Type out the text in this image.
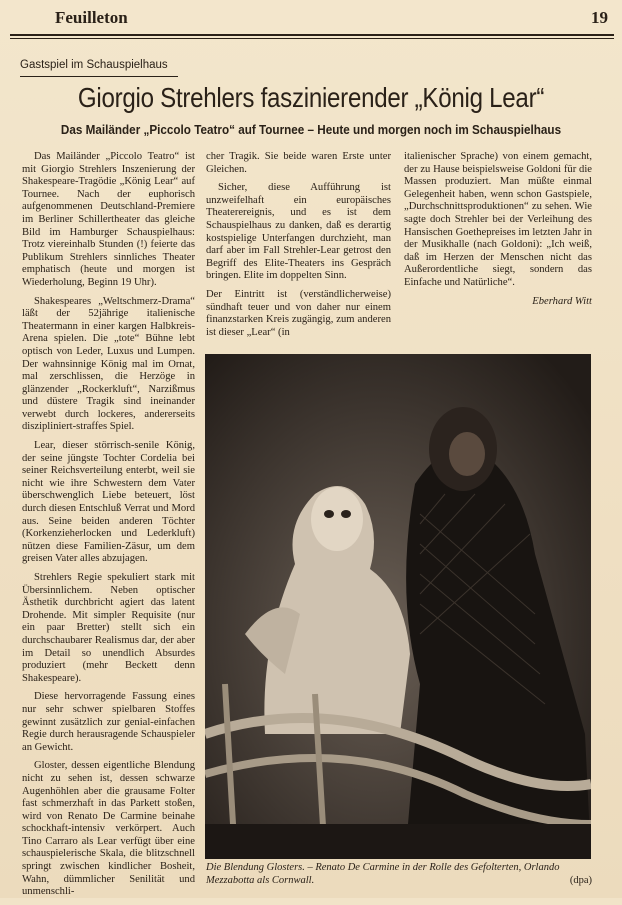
Feuilleton	19
Gastspiel im Schauspielhaus
Giorgio Strehlers faszinierender „König Lear“
Das Mailänder „Piccolo Teatro“ auf Tournee – Heute und morgen noch im Schauspielhaus

Das Mailänder „Piccolo Teatro“ ist mit Giorgio Strehlers Inszenierung der Shakespeare-Tragödie „König Lear“ auf Tournee. Nach der euphorisch aufgenommenen Deutschland-Premiere im Berliner Schillertheater das gleiche Bild im Hamburger Schauspielhaus: Trotz viereinhalb Stunden (!) feierte das Publikum Strehlers sinnliches Theater emphatisch (heute und morgen ist Wiederholung, Beginn 19 Uhr).

Shakespeares „Weltschmerz-Drama“ läßt der 52jährige italienische Theatermann in einer kargen Halbkreis-Arena spielen. Die „tote“ Bühne lebt optisch von Leder, Luxus und Lumpen. Der wahnsinnige König mal im Ornat, mal zerschlissen, die Herzöge in glänzender „Rockerkluft“, Narzißmus und düstere Tragik sind ineinander verwebt durch lockeres, andererseits diszipliniert-straffes Spiel.

Lear, dieser störrisch-senile König, der seine jüngste Tochter Cordelia bei seiner Reichsverteilung enterbt, weil sie nicht wie ihre Schwestern dem Vater überschwenglich Liebe beteuert, löst durch diesen Entschluß Verrat und Mord aus. Seine beiden anderen Töchter (Korkenzieherlocken und Lederkluft) nützen diese Familien-Zäsur, um dem greisen Vater alles abzujagen.

Strehlers Regie spekuliert stark mit Übersinnlichem. Neben optischer Ästhetik durchbricht agiert das latent Drohende. Mit simpler Requisite (nur ein paar Bretter) stellt sich ein durchschaubarer Realismus dar, der aber im Detail so unendlich Absurdes produziert (mehr Beckett denn Shakespeare).

Diese hervorragende Fassung eines nur sehr schwer spielbaren Stoffes gewinnt zusätzlich zur genial-einfachen Regie durch herausragende Schauspieler an Gewicht.

Gloster, dessen eigentliche Blendung nicht zu sehen ist, dessen schwarze Augenhöhlen aber die grausame Folter fast schmerzhaft in das Parkett stoßen, wird von Renato De Carmine beinahe schockhaft-intensiv verkörpert. Auch Tino Carraro als Lear verfügt über eine schauspielerische Skala, die blitzschnell springt zwischen kindlicher Bosheit, Wahn, dümmlicher Senilität und unmenschli-

cher Tragik. Sie beide waren Erste unter Gleichen.

Sicher, diese Aufführung ist unzweifelhaft ein europäisches Theaterereignis, und es ist dem Schauspielhaus zu danken, daß es derartig kostspielige Unterfangen durchzieht, man darf aber im Fall Strehler-Lear getrost den Begriff des Elite-Theaters ins Gespräch bringen. Elite im doppelten Sinn.

Der Eintritt ist (verständlicherweise) sündhaft teuer und von daher nur einem finanzstarken Kreis zugängig, zum anderen ist dieser „Lear“ (in

italienischer Sprache) von einem gemacht, der zu Hause beispielsweise Goldoni für die Massen produziert. Man müßte einmal Gelegenheit haben, wenn schon Gastspiele, „Durchschnittsproduktionen“ zu sehen. Wie sagte doch Strehler bei der Verleihung des Hansischen Goethepreises im letzten Jahr in der Musikhalle (nach Goldoni): „Ich weiß, daß im Herzen der Menschen nicht das Außerordentliche siegt, sondern das Einfache und Natürliche“.

Eberhard Witt

Die Blendung Glosters. – Renato De Carmine in der Rolle des Gefolterten, Orlando Mezzabotta als Cornwall.	(dpa)
